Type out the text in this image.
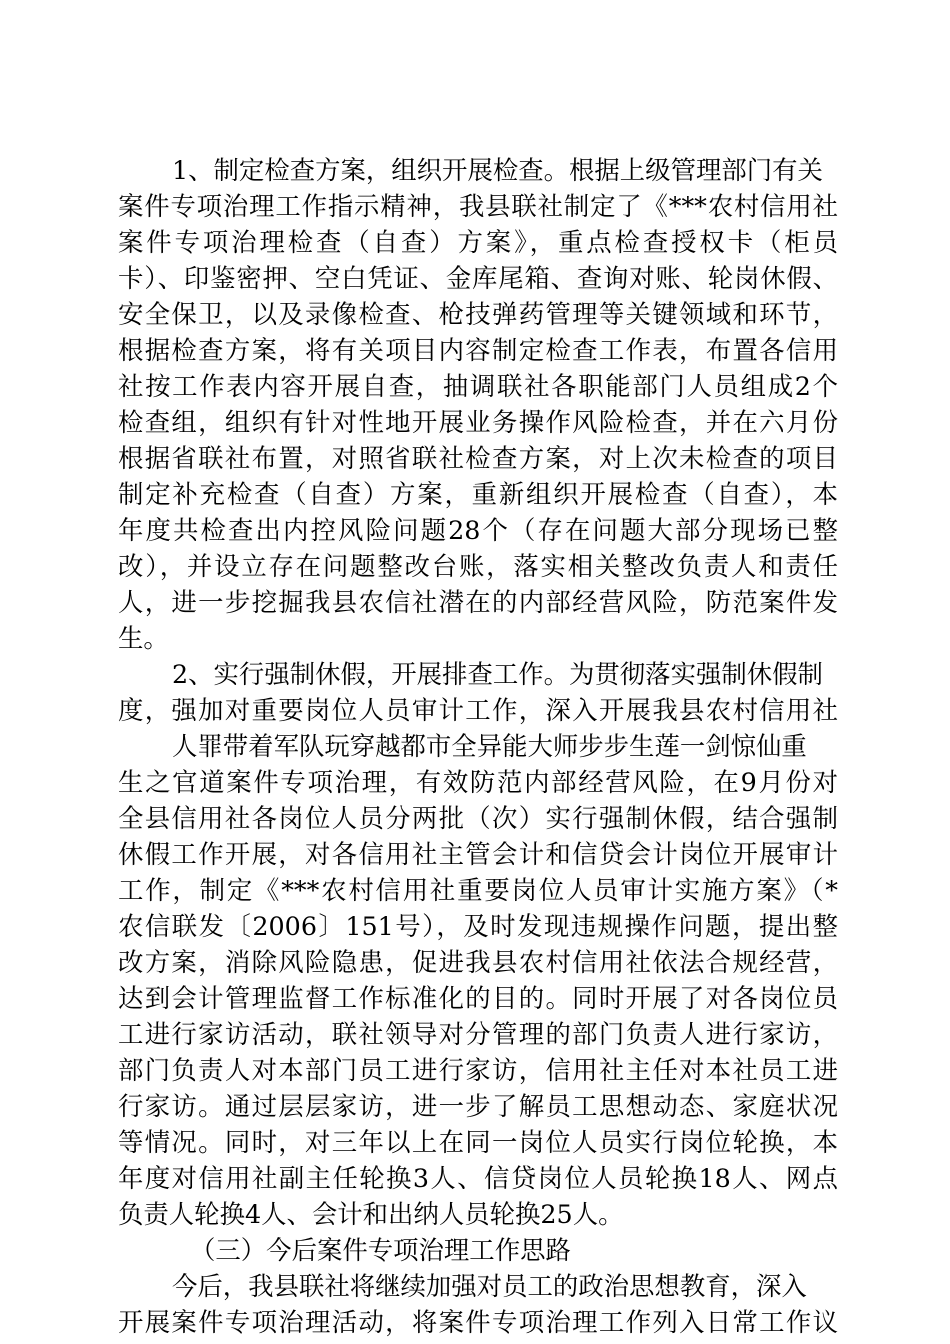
1、制定检查方案，组织开展检查。根据上级管理部门有关
案件专项治理工作指示精神，我县联社制定了《***农村信用社
案件专项治理检查（自查）方案》，重点检查授权卡（柜员
卡）、印鉴密押、空白凭证、金库尾箱、查询对账、轮岗休假、
安全保卫，以及录像检查、枪技弹药管理等关键领域和环节，
根据检查方案，将有关项目内容制定检查工作表，布置各信用
社按工作表内容开展自查，抽调联社各职能部门人员组成2个
检查组，组织有针对性地开展业务操作风险检查，并在六月份
根据省联社布置，对照省联社检查方案，对上次未检查的项目
制定补充检查（自查）方案，重新组织开展检查（自查），本
年度共检查出内控风险问题28个（存在问题大部分现场已整
改），并设立存在问题整改台账，落实相关整改负责人和责任
人，进一步挖掘我县农信社潜在的内部经营风险，防范案件发
生。
2、实行强制休假，开展排查工作。为贯彻落实强制休假制
度，强加对重要岗位人员审计工作，深入开展我县农村信用社
人罪带着军队玩穿越都市全异能大师步步生莲一剑惊仙重
生之官道案件专项治理，有效防范内部经营风险，在9月份对
全县信用社各岗位人员分两批（次）实行强制休假，结合强制
休假工作开展，对各信用社主管会计和信贷会计岗位开展审计
工作，制定《***农村信用社重要岗位人员审计实施方案》（*
农信联发〔2006〕151号），及时发现违规操作问题，提出整
改方案，消除风险隐患，促进我县农村信用社依法合规经营，
达到会计管理监督工作标准化的目的。同时开展了对各岗位员
工进行家访活动，联社领导对分管理的部门负责人进行家访，
部门负责人对本部门员工进行家访，信用社主任对本社员工进
行家访。通过层层家访，进一步了解员工思想动态、家庭状况
等情况。同时，对三年以上在同一岗位人员实行岗位轮换，本
年度对信用社副主任轮换3人、信贷岗位人员轮换18人、网点
负责人轮换4人、会计和出纳人员轮换25人。
（三）今后案件专项治理工作思路
今后，我县联社将继续加强对员工的政治思想教育，深入
开展案件专项治理活动，将案件专项治理工作列入日常工作议
